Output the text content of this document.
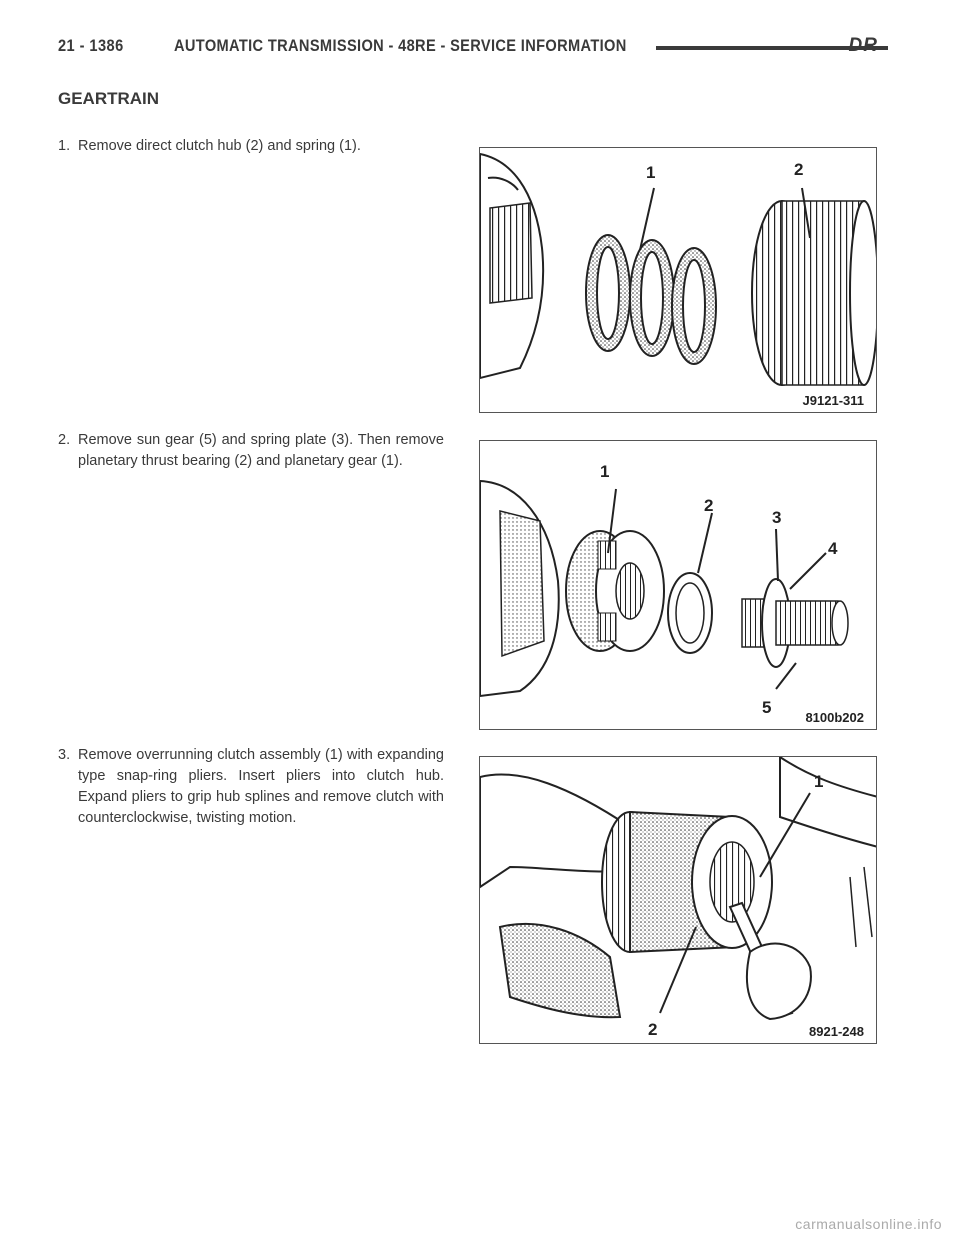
21 - 1386	AUTOMATIC TRANSMISSION - 48RE - SERVICE INFORMATION	DR
GEARTRAIN
1. Remove direct clutch hub (2) and spring (1).
1	2
J9121-311
2. Remove sun gear (5) and spring plate (3). Then remove planetary thrust bearing (2) and planetary gear (1).
1
2
3
4
5
8100b202
3. Remove overrunning clutch assembly (1) with expanding type snap-ring pliers. Insert pliers into clutch hub. Expand pliers to grip hub splines and remove clutch with counterclockwise, twisting motion.
1
2	8921-248
carmanualsonline.info
